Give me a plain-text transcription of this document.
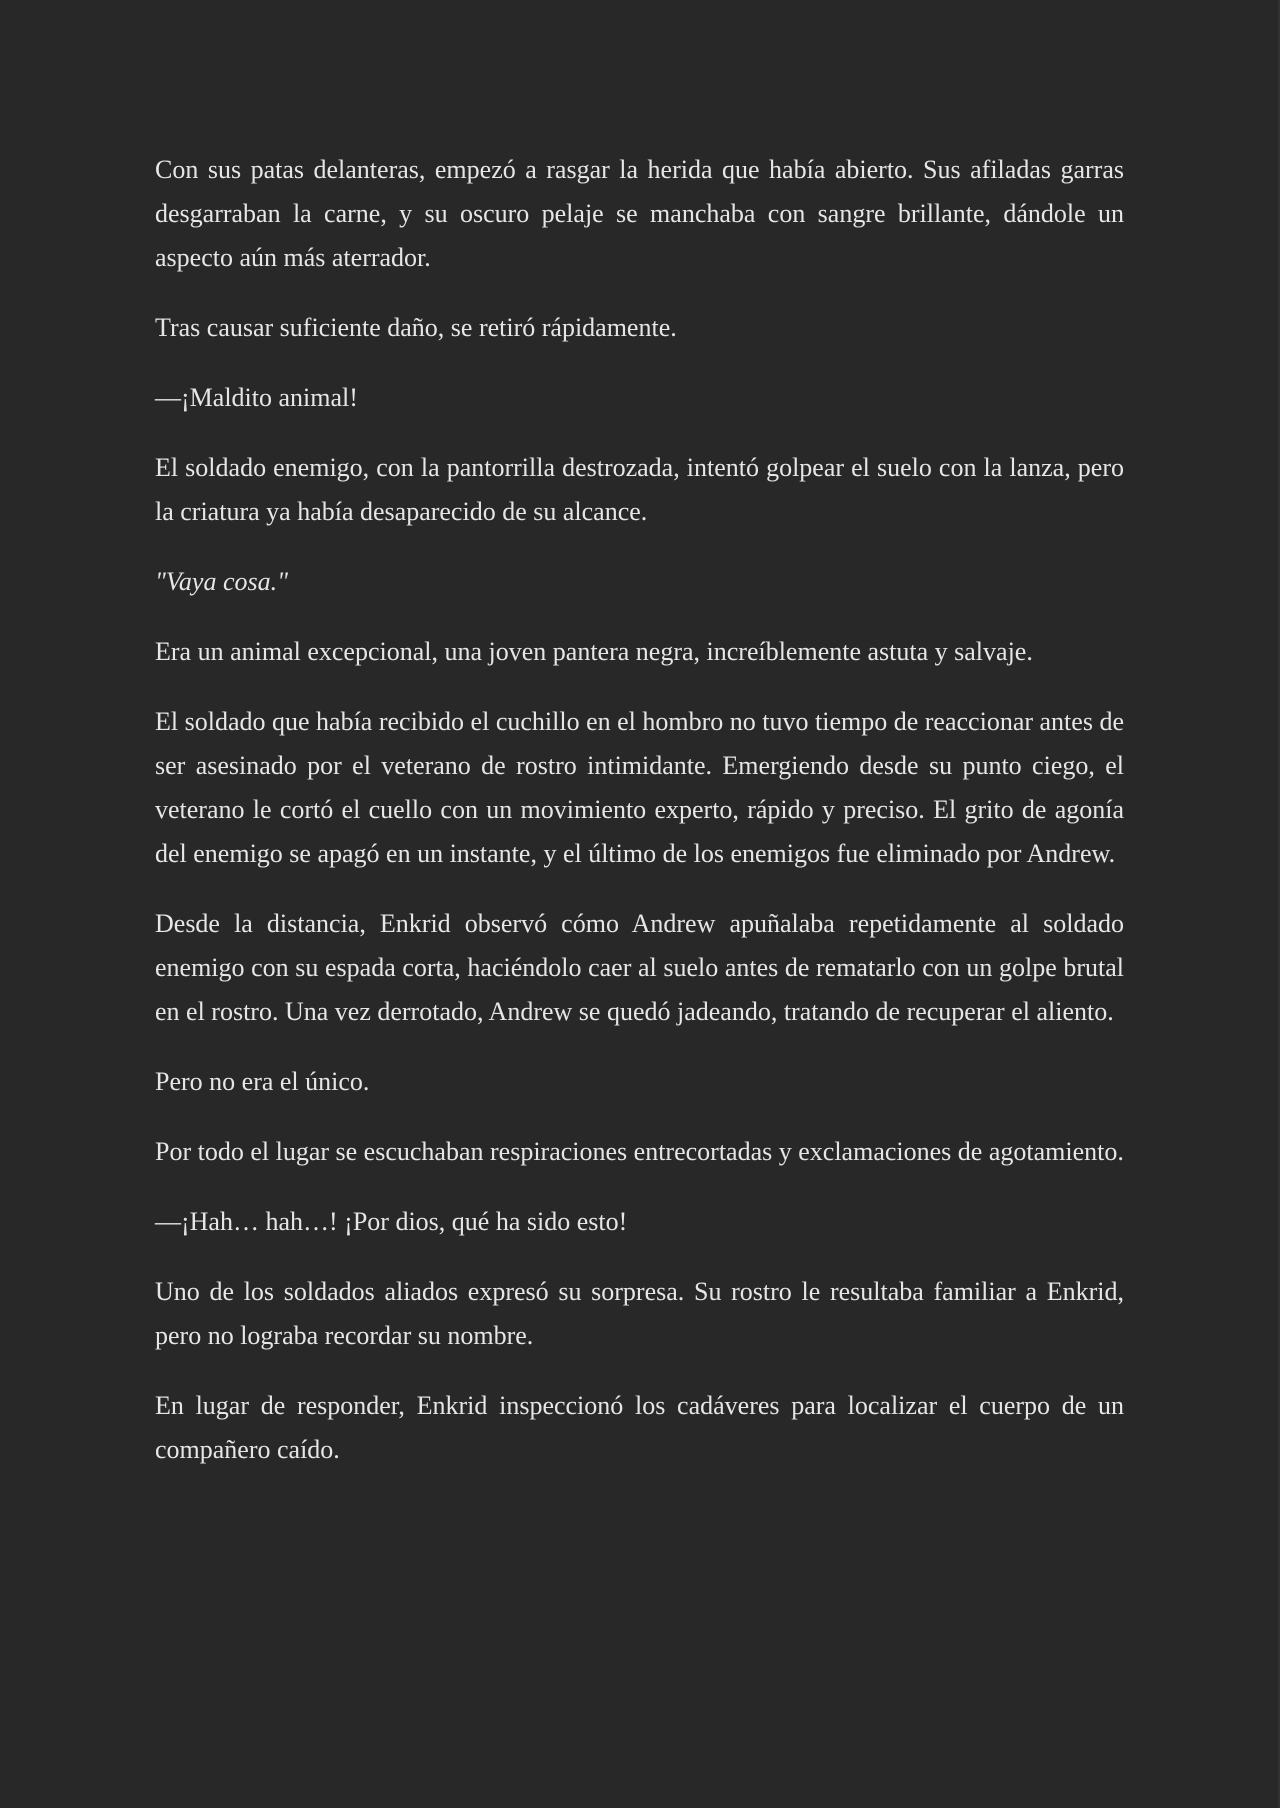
Con sus patas delanteras, empezó a rasgar la herida que había abierto. Sus afiladas garras desgarraban la carne, y su oscuro pelaje se manchaba con sangre brillante, dándole un aspecto aún más aterrador.

Tras causar suficiente daño, se retiró rápidamente.

—¡Maldito animal!

El soldado enemigo, con la pantorrilla destrozada, intentó golpear el suelo con la lanza, pero la criatura ya había desaparecido de su alcance.

"Vaya cosa."

Era un animal excepcional, una joven pantera negra, increíblemente astuta y salvaje.

El soldado que había recibido el cuchillo en el hombro no tuvo tiempo de reaccionar antes de ser asesinado por el veterano de rostro intimidante. Emergiendo desde su punto ciego, el veterano le cortó el cuello con un movimiento experto, rápido y preciso. El grito de agonía del enemigo se apagó en un instante, y el último de los enemigos fue eliminado por Andrew.

Desde la distancia, Enkrid observó cómo Andrew apuñalaba repetidamente al soldado enemigo con su espada corta, haciéndolo caer al suelo antes de rematarlo con un golpe brutal en el rostro. Una vez derrotado, Andrew se quedó jadeando, tratando de recuperar el aliento.

Pero no era el único.

Por todo el lugar se escuchaban respiraciones entrecortadas y exclamaciones de agotamiento.

—¡Hah… hah…! ¡Por dios, qué ha sido esto!

Uno de los soldados aliados expresó su sorpresa. Su rostro le resultaba familiar a Enkrid, pero no lograba recordar su nombre.

En lugar de responder, Enkrid inspeccionó los cadáveres para localizar el cuerpo de un compañero caído.
